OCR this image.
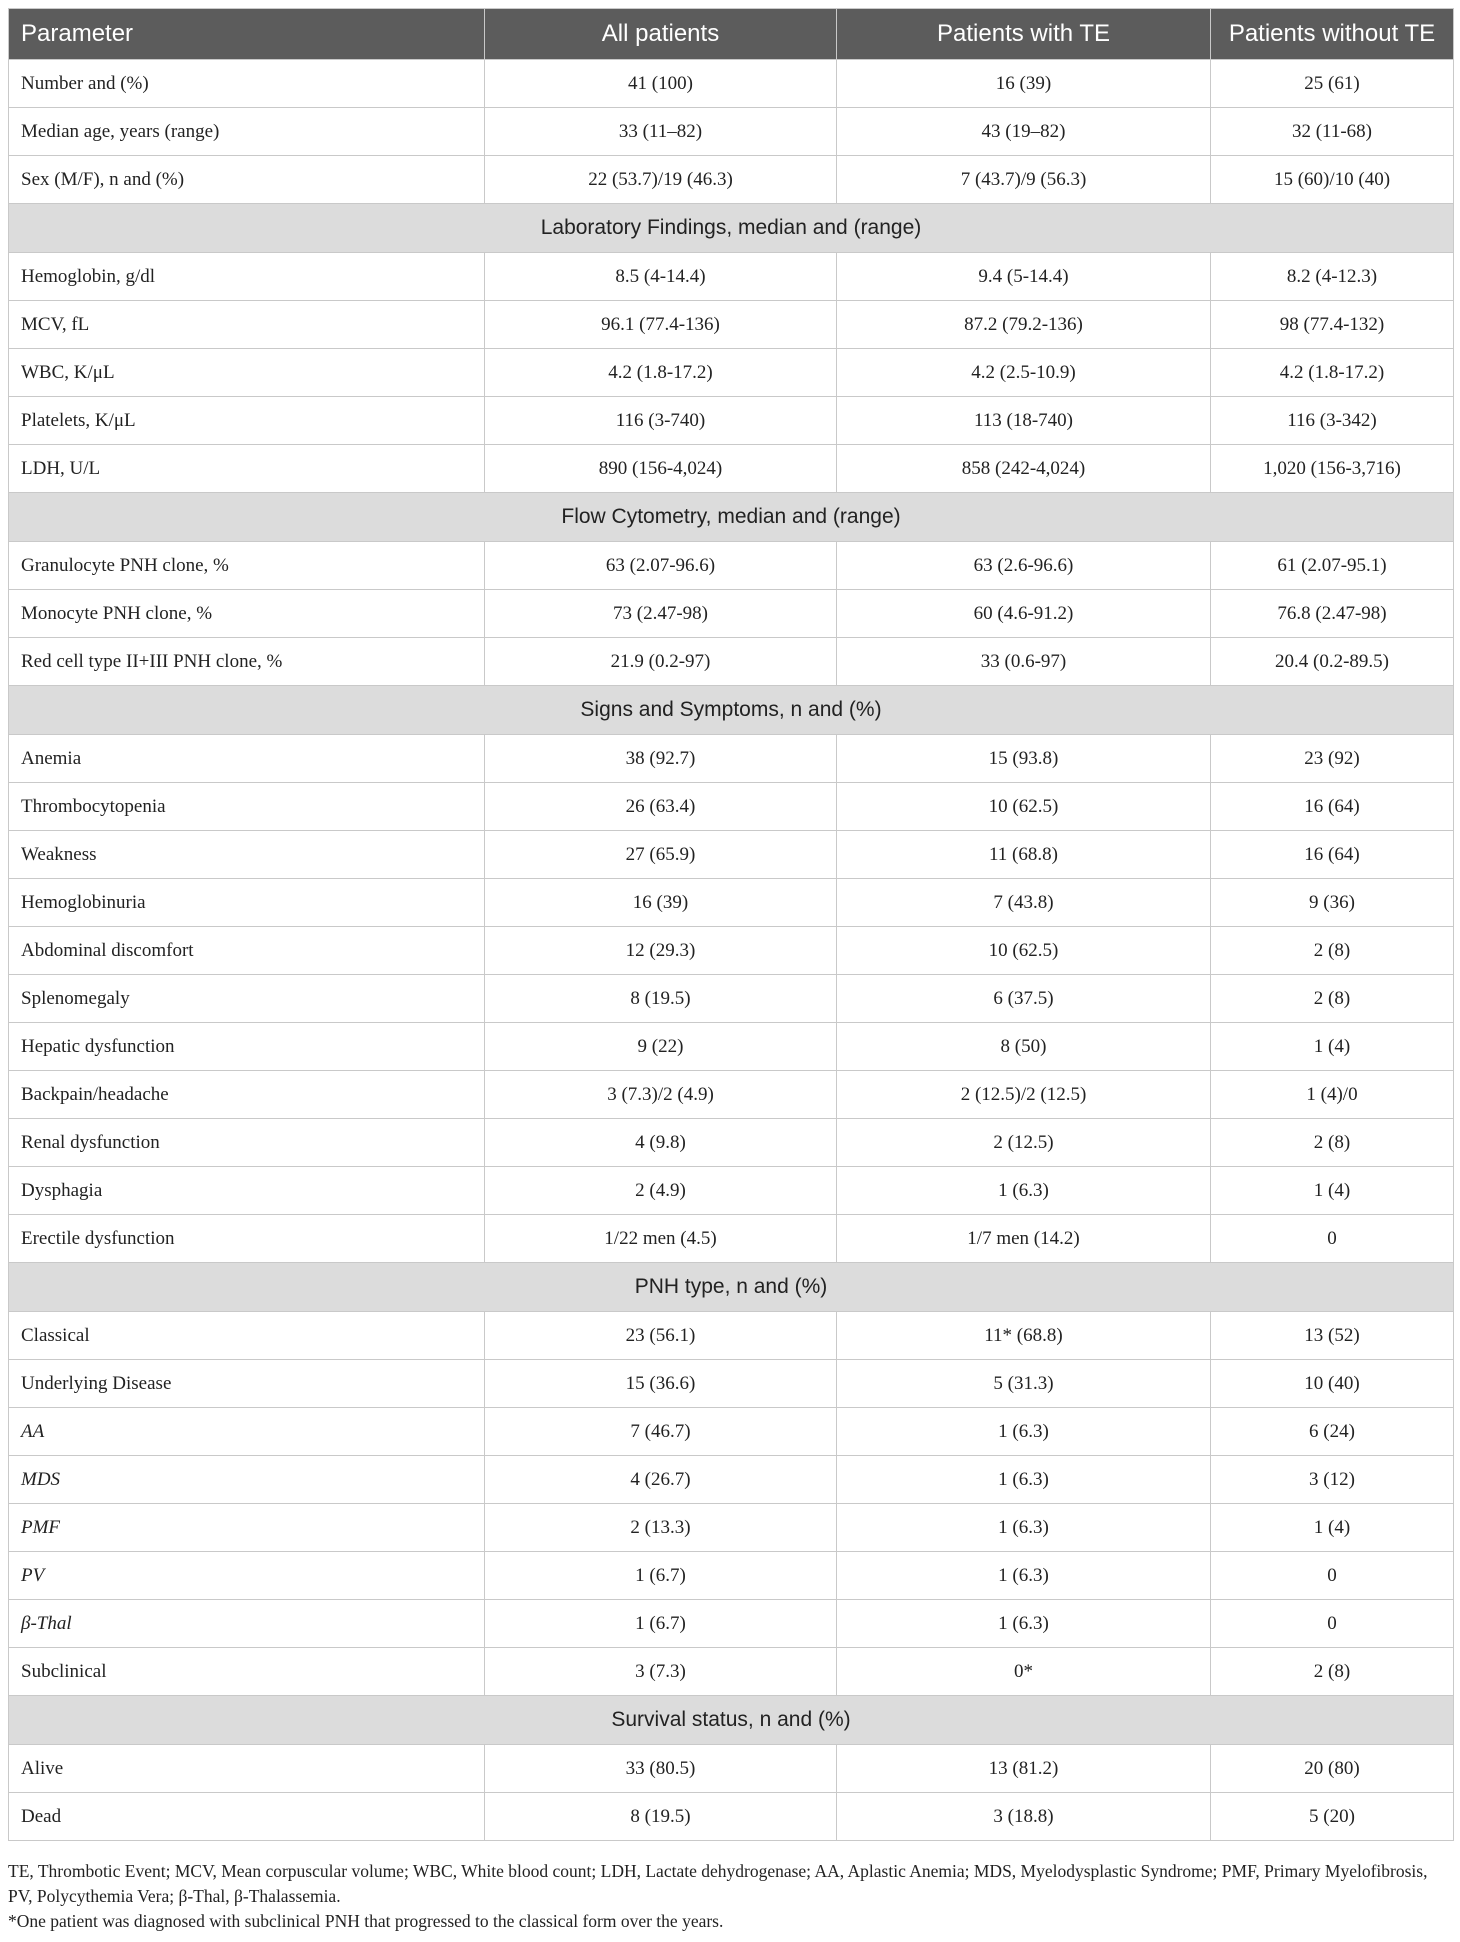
Parameter	All patients	Patients with TE	Patients without TE
Number and (%)	41 (100)	16 (39)	25 (61)
Median age, years (range)	33 (11–82)	43 (19–82)	32 (11-68)
Sex (M/F), n and (%)	22 (53.7)/19 (46.3)	7 (43.7)/9 (56.3)	15 (60)/10 (40)
Laboratory Findings, median and (range)			
Hemoglobin, g/dl	8.5 (4-14.4)	9.4 (5-14.4)	8.2 (4-12.3)
MCV, fL	96.1 (77.4-136)	87.2 (79.2-136)	98 (77.4-132)
WBC, K/μL	4.2 (1.8-17.2)	4.2 (2.5-10.9)	4.2 (1.8-17.2)
Platelets, K/μL	116 (3-740)	113 (18-740)	116 (3-342)
LDH, U/L	890 (156-4,024)	858 (242-4,024)	1,020 (156-3,716)
Flow Cytometry, median and (range)			
Granulocyte PNH clone, %	63 (2.07-96.6)	63 (2.6-96.6)	61 (2.07-95.1)
Monocyte PNH clone, %	73 (2.47-98)	60 (4.6-91.2)	76.8 (2.47-98)
Red cell type II+III PNH clone, %	21.9 (0.2-97)	33 (0.6-97)	20.4 (0.2-89.5)
Signs and Symptoms, n and (%)			
Anemia	38 (92.7)	15 (93.8)	23 (92)
Thrombocytopenia	26 (63.4)	10 (62.5)	16 (64)
Weakness	27 (65.9)	11 (68.8)	16 (64)
Hemoglobinuria	16 (39)	7 (43.8)	9 (36)
Abdominal discomfort	12 (29.3)	10 (62.5)	2 (8)
Splenomegaly	8 (19.5)	6 (37.5)	2 (8)
Hepatic dysfunction	9 (22)	8 (50)	1 (4)
Backpain/headache	3 (7.3)/2 (4.9)	2 (12.5)/2 (12.5)	1 (4)/0
Renal dysfunction	4 (9.8)	2 (12.5)	2 (8)
Dysphagia	2 (4.9)	1 (6.3)	1 (4)
Erectile dysfunction	1/22 men (4.5)	1/7 men (14.2)	0
PNH type, n and (%)			
Classical	23 (56.1)	11* (68.8)	13 (52)
Underlying Disease	15 (36.6)	5 (31.3)	10 (40)
AA	7 (46.7)	1 (6.3)	6 (24)
MDS	4 (26.7)	1 (6.3)	3 (12)
PMF	2 (13.3)	1 (6.3)	1 (4)
PV	1 (6.7)	1 (6.3)	0
β-Thal	1 (6.7)	1 (6.3)	0
Subclinical	3 (7.3)	0*	2 (8)
Survival status, n and (%)			
Alive	33 (80.5)	13 (81.2)	20 (80)
Dead	8 (19.5)	3 (18.8)	5 (20)

TE, Thrombotic Event; MCV, Mean corpuscular volume; WBC, White blood count; LDH, Lactate dehydrogenase; AA, Aplastic Anemia; MDS, Myelodysplastic Syndrome; PMF, Primary Myelofibrosis, PV, Polycythemia Vera; β-Thal, β-Thalassemia.

*One patient was diagnosed with subclinical PNH that progressed to the classical form over the years.
